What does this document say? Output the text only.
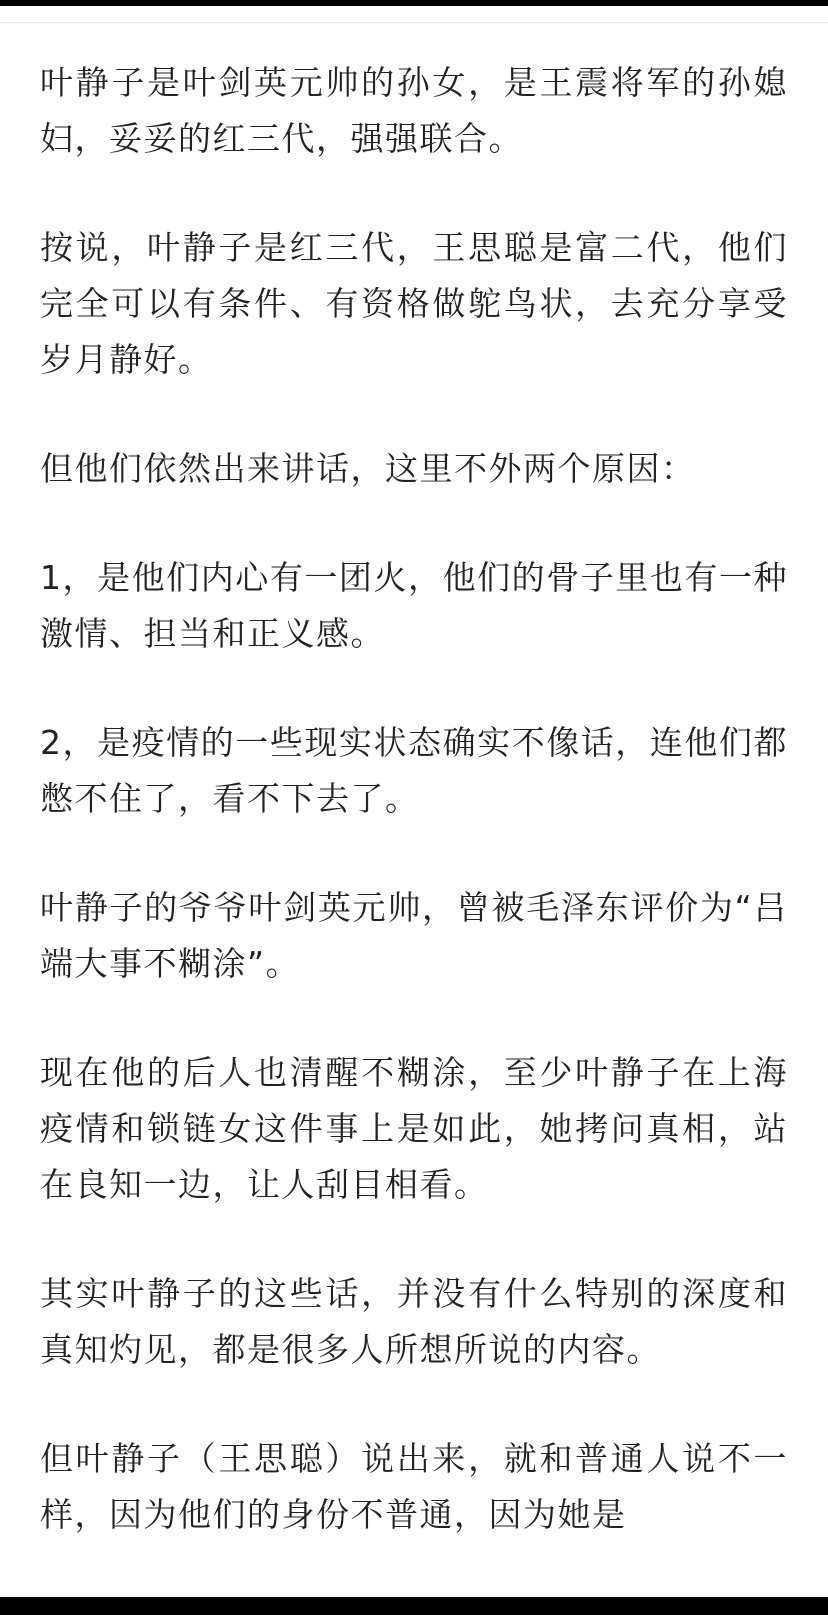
叶静子是叶剑英元帅的孙女，是王震将军的孙媳妇，妥妥的红三代，强强联合。

按说，叶静子是红三代，王思聪是富二代，他们完全可以有条件、有资格做鸵鸟状，去充分享受岁月静好。

但他们依然出来讲话，这里不外两个原因：

1，是他们内心有一团火，他们的骨子里也有一种激情、担当和正义感。

2，是疫情的一些现实状态确实不像话，连他们都憋不住了，看不下去了。

叶静子的爷爷叶剑英元帅，曾被毛泽东评价为“吕端大事不糊涂”。

现在他的后人也清醒不糊涂，至少叶静子在上海疫情和锁链女这件事上是如此，她拷问真相，站在良知一边，让人刮目相看。

其实叶静子的这些话，并没有什么特别的深度和真知灼见，都是很多人所想所说的内容。

但叶静子（王思聪）说出来，就和普通人说不一样，因为他们的身份不普通，因为她是
